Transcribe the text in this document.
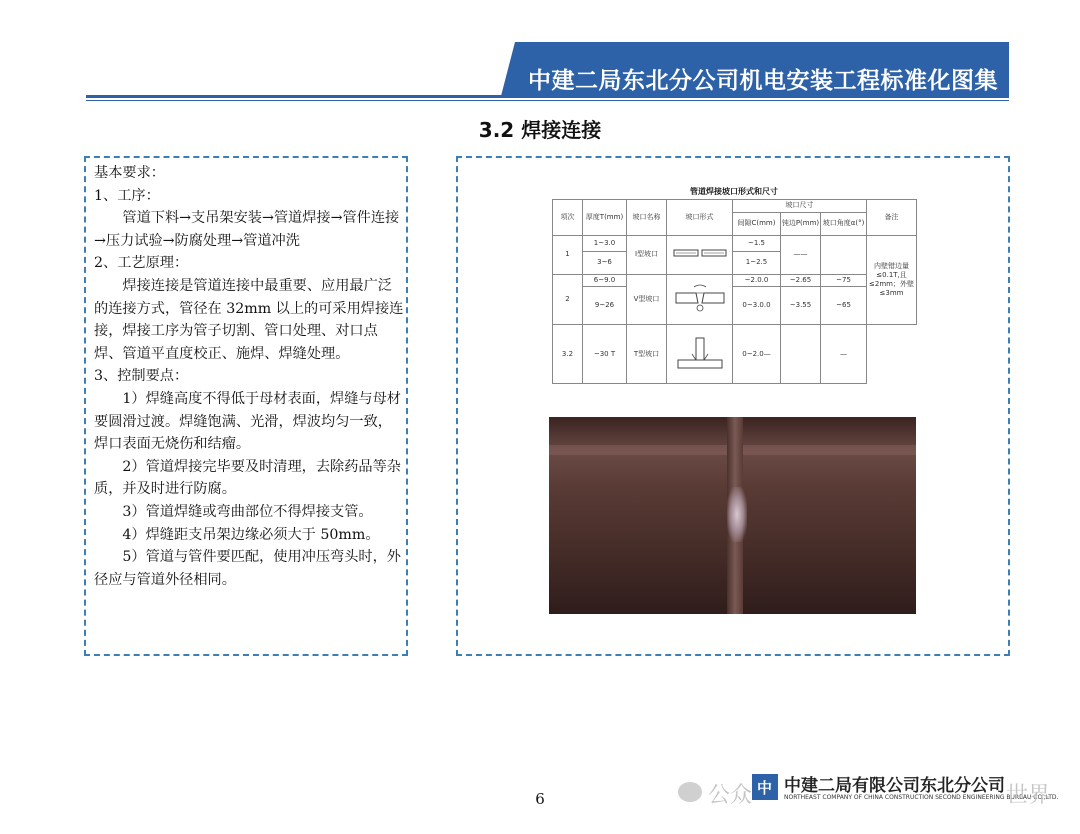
中建二局东北分公司机电安装工程标准化图集
3.2 焊接连接

基本要求：

1、工序：

管道下料→支吊架安装→管道焊接→管件连接→压力试验→防腐处理→管道冲洗

2、工艺原理：

焊接连接是管道连接中最重要、应用最广泛的连接方式，管径在 32mm 以上的可采用焊接连接，焊接工序为管子切割、管口处理、对口点焊、管道平直度校正、施焊、焊缝处理。

3、控制要点：

1）焊缝高度不得低于母材表面，焊缝与母材要圆滑过渡。焊缝饱满、光滑，焊波均匀一致，焊口表面无烧伤和结瘤。

2）管道焊接完毕要及时清理，去除药品等杂质，并及时进行防腐。

3）管道焊缝或弯曲部位不得焊接支管。

4）焊缝距支吊架边缘必须大于 50mm。

5）管道与管件要匹配，使用冲压弯头时，外径应与管道外径相同。

管道焊接坡口形式和尺寸
项次	厚度T(mm)	坡口名称	坡口形式	坡口尺寸			备注
				间隙C(mm)	钝边P(mm)	坡口角度α(°)	
1	1~3.0	I型坡口		~1.5	——		内壁错边量≤0.1T,且≤2mm；外壁≤3mm
	3~6			1~2.5			
2	6~9.0	V型坡口		~2.0.0	~2.65	~75	
	9~26			0~3.0.0	~3.55	~65	
3.2	~30 T	T型坡口		0~2.0—		—	
6	公众 中 中建二局有限公司东北分公司
NORTHEAST COMPANY OF CHINA CONSTRUCTION SECOND ENGINEERING BUREAU CO.,LTD.
世界
